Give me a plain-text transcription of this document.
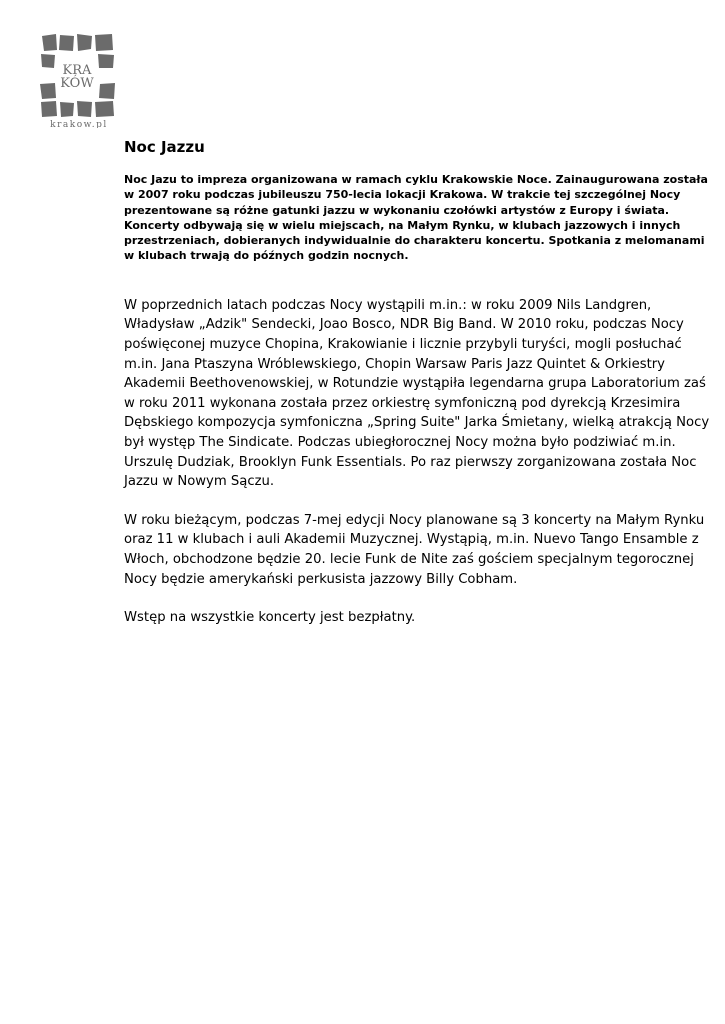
KRA
KÓW
krakow.pl
Noc Jazzu

Noc Jazu to impreza organizowana w ramach cyklu Krakowskie Noce. Zainaugurowana została w 2007 roku podczas jubileuszu 750-lecia lokacji Krakowa. W trakcie tej szczególnej Nocy prezentowane są różne gatunki jazzu w wykonaniu czołówki artystów z Europy i świata. Koncerty odbywają się w wielu miejscach, na Małym Rynku, w klubach jazzowych i innych przestrzeniach, dobieranych indywidualnie do charakteru koncertu. Spotkania z melomanami w klubach trwają do późnych godzin nocnych.

W poprzednich latach podczas Nocy wystąpili m.in.: w roku 2009 Nils Landgren, Władysław „Adzik" Sendecki, Joao Bosco, NDR Big Band. W 2010 roku, podczas Nocy poświęconej muzyce Chopina, Krakowianie i licznie przybyli turyści, mogli posłuchać m.in. Jana Ptaszyna Wróblewskiego, Chopin Warsaw Paris Jazz Quintet & Orkiestry Akademii Beethovenowskiej, w Rotundzie wystąpiła legendarna grupa Laboratorium zaś w roku 2011 wykonana została przez orkiestrę symfoniczną pod dyrekcją Krzesimira Dębskiego kompozycja symfoniczna „Spring Suite" Jarka Śmietany, wielką atrakcją Nocy był występ The Sindicate. Podczas ubiegłorocznej Nocy można było podziwiać m.in. Urszulę Dudziak, Brooklyn Funk Essentials. Po raz pierwszy zorganizowana została Noc Jazzu w Nowym Sączu.

W roku bieżącym, podczas 7-mej edycji Nocy planowane są 3 koncerty na Małym Rynku oraz 11 w klubach i auli Akademii Muzycznej. Wystąpią, m.in. Nuevo Tango Ensamble z Włoch, obchodzone będzie 20. lecie Funk de Nite zaś gościem specjalnym tegorocznej Nocy będzie amerykański perkusista jazzowy Billy Cobham.

Wstęp na wszystkie koncerty jest bezpłatny.
